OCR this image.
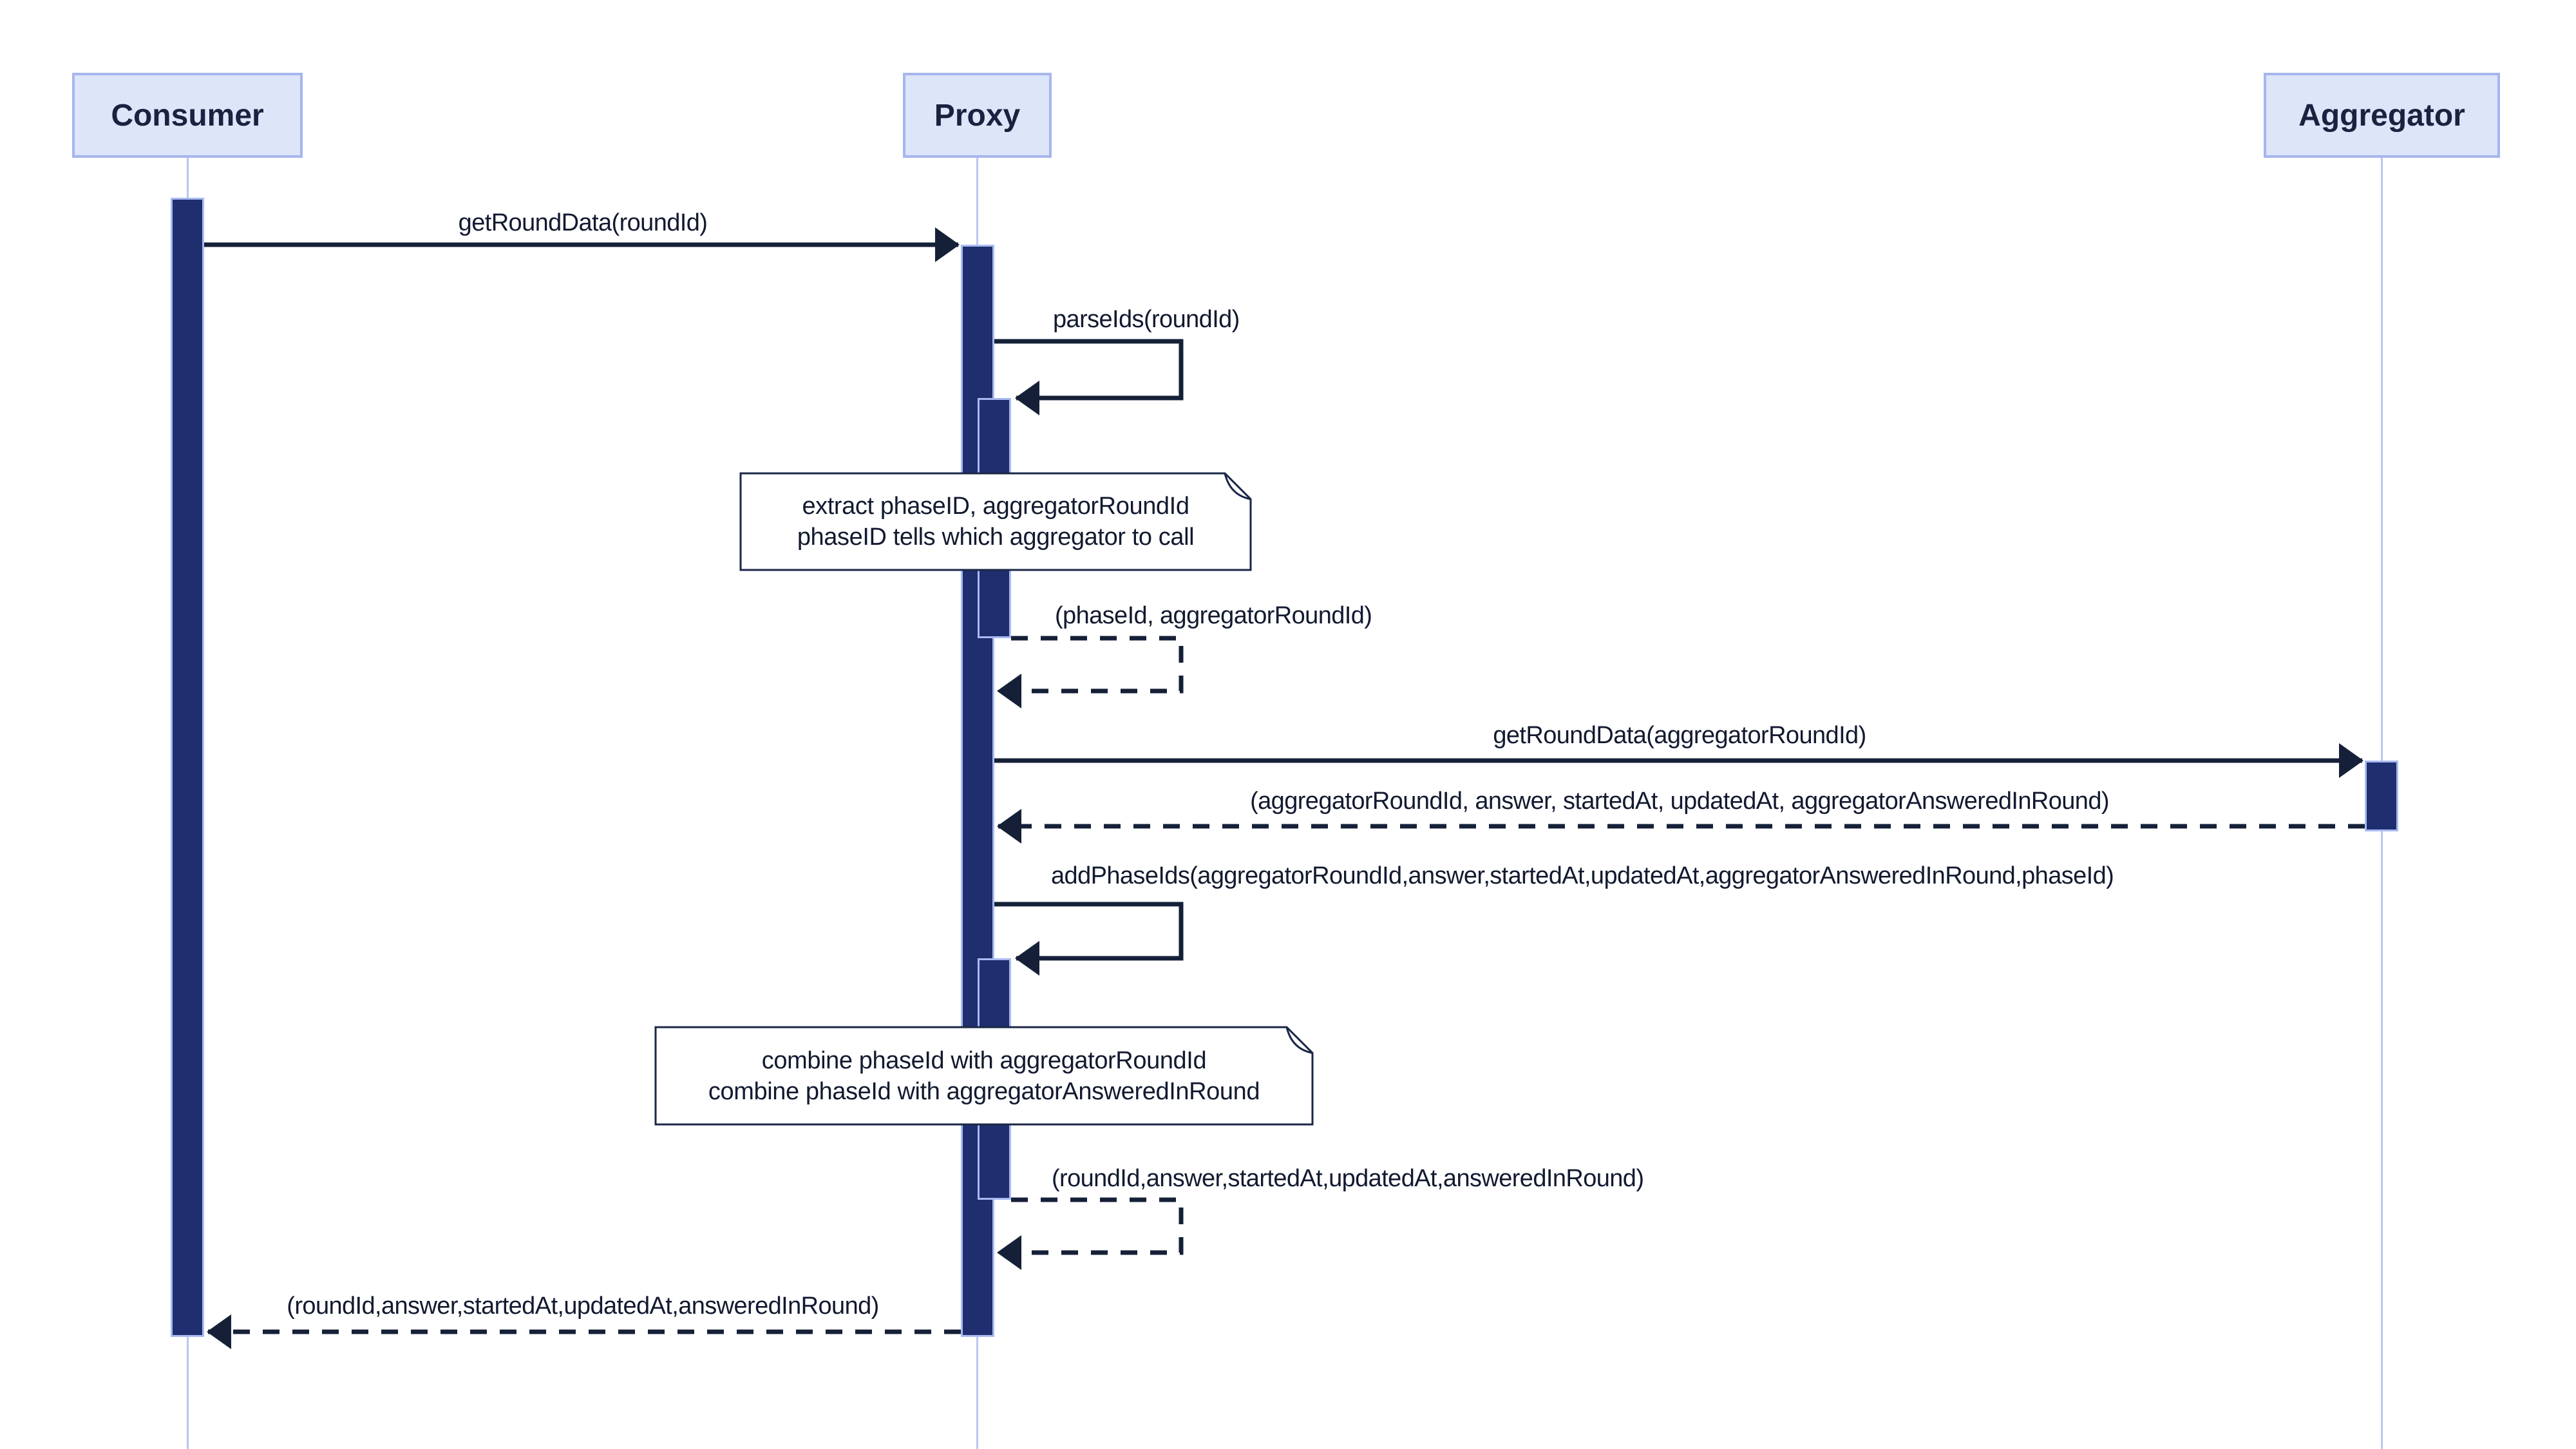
Consumer	Proxy	Aggregator
extract phaseID, aggregatorRoundId
phaseID tells which aggregator to call
combine phaseId with aggregatorRoundId
combine phaseId with aggregatorAnsweredInRound
getRoundData(roundId)
parseIds(roundId)
(phaseId, aggregatorRoundId)
getRoundData(aggregatorRoundId)
(aggregatorRoundId, answer, startedAt, updatedAt, aggregatorAnsweredInRound)
addPhaseIds(aggregatorRoundId,answer,startedAt,updatedAt,aggregatorAnsweredInRound,phaseId)
(roundId,answer,startedAt,updatedAt,answeredInRound)
(roundId,answer,startedAt,updatedAt,answeredInRound)
